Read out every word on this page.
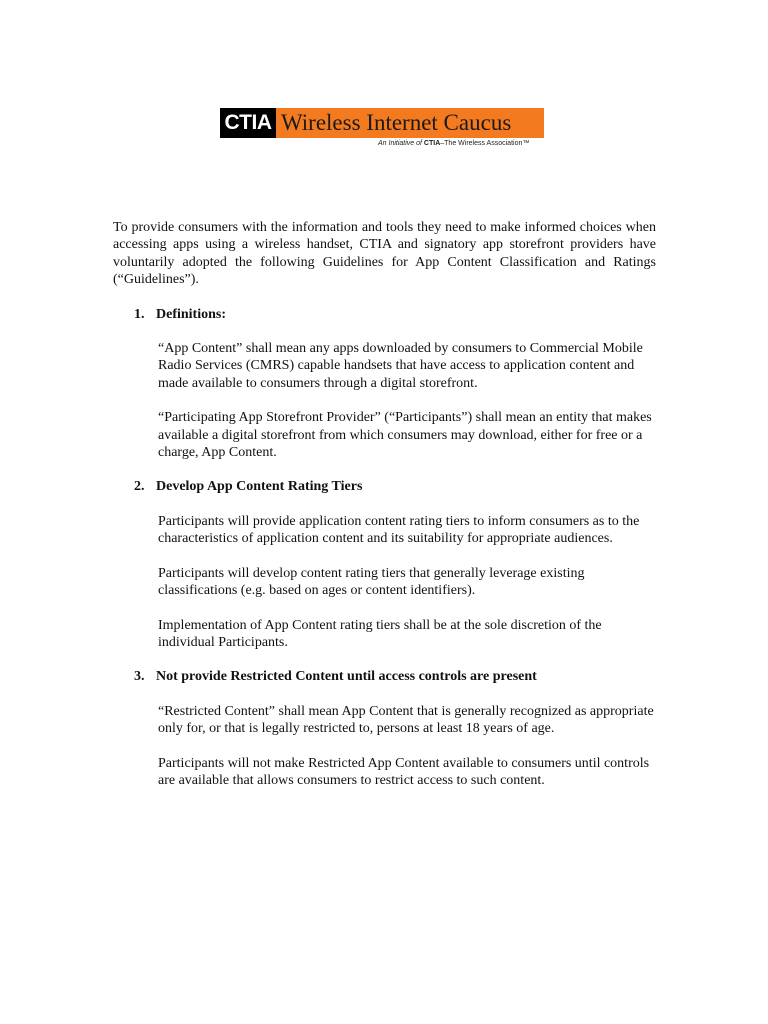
CTIA Wireless Internet Caucus
An Initiative of CTIA–The Wireless Association™

To provide consumers with the information and tools they need to make informed choices when accessing apps using a wireless handset, CTIA and signatory app storefront providers have voluntarily adopted the following Guidelines for App Content Classification and Ratings (“Guidelines”).

1. Definitions:

“App Content” shall mean any apps downloaded by consumers to Commercial Mobile Radio Services (CMRS) capable handsets that have access to application content and made available to consumers through a digital storefront.

“Participating App Storefront Provider” (“Participants”) shall mean an entity that makes available a digital storefront from which consumers may download, either for free or a charge, App Content.

2. Develop App Content Rating Tiers

Participants will provide application content rating tiers to inform consumers as to the characteristics of application content and its suitability for appropriate audiences.

Participants will develop content rating tiers that generally leverage existing classifications (e.g. based on ages or content identifiers).

Implementation of App Content rating tiers shall be at the sole discretion of the individual Participants.

3. Not provide Restricted Content until access controls are present

“Restricted Content” shall mean App Content that is generally recognized as appropriate only for, or that is legally restricted to, persons at least 18 years of age.

Participants will not make Restricted App Content available to consumers until controls are available that allows consumers to restrict access to such content.
